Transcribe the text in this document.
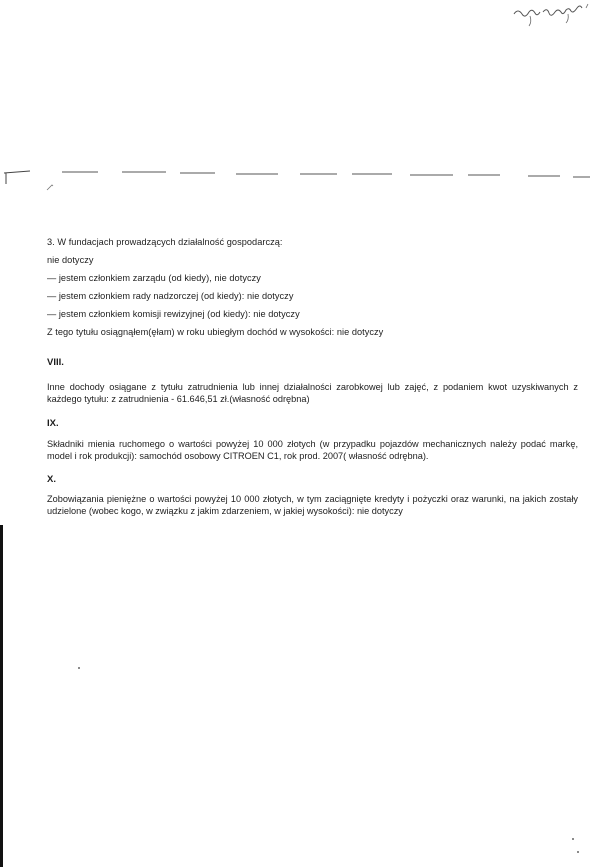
3. W fundacjach prowadzących działalność gospodarczą:
nie dotyczy
— jestem członkiem zarządu (od kiedy), nie dotyczy
— jestem członkiem rady nadzorczej (od kiedy): nie dotyczy
— jestem członkiem komisji rewizyjnej (od kiedy): nie dotyczy
Z tego tytułu osiągnąłem(ęłam) w roku ubiegłym dochód w wysokości: nie dotyczy
VIII.
Inne dochody osiągane z tytułu zatrudnienia lub innej działalności zarobkowej lub zajęć, z podaniem kwot uzyskiwanych z każdego tytułu: z zatrudnienia - 61.646,51 zł.(własność odrębna)
IX.
Składniki mienia ruchomego o wartości powyżej 10 000 złotych (w przypadku pojazdów mechanicznych należy podać markę, model i rok produkcji): samochód osobowy CITROEN C1, rok prod. 2007( własność odrębna).
X.
Zobowiązania pieniężne o wartości powyżej 10 000 złotych, w tym zaciągnięte kredyty i pożyczki oraz warunki, na jakich zostały udzielone (wobec kogo, w związku z jakim zdarzeniem, w jakiej wysokości): nie dotyczy
